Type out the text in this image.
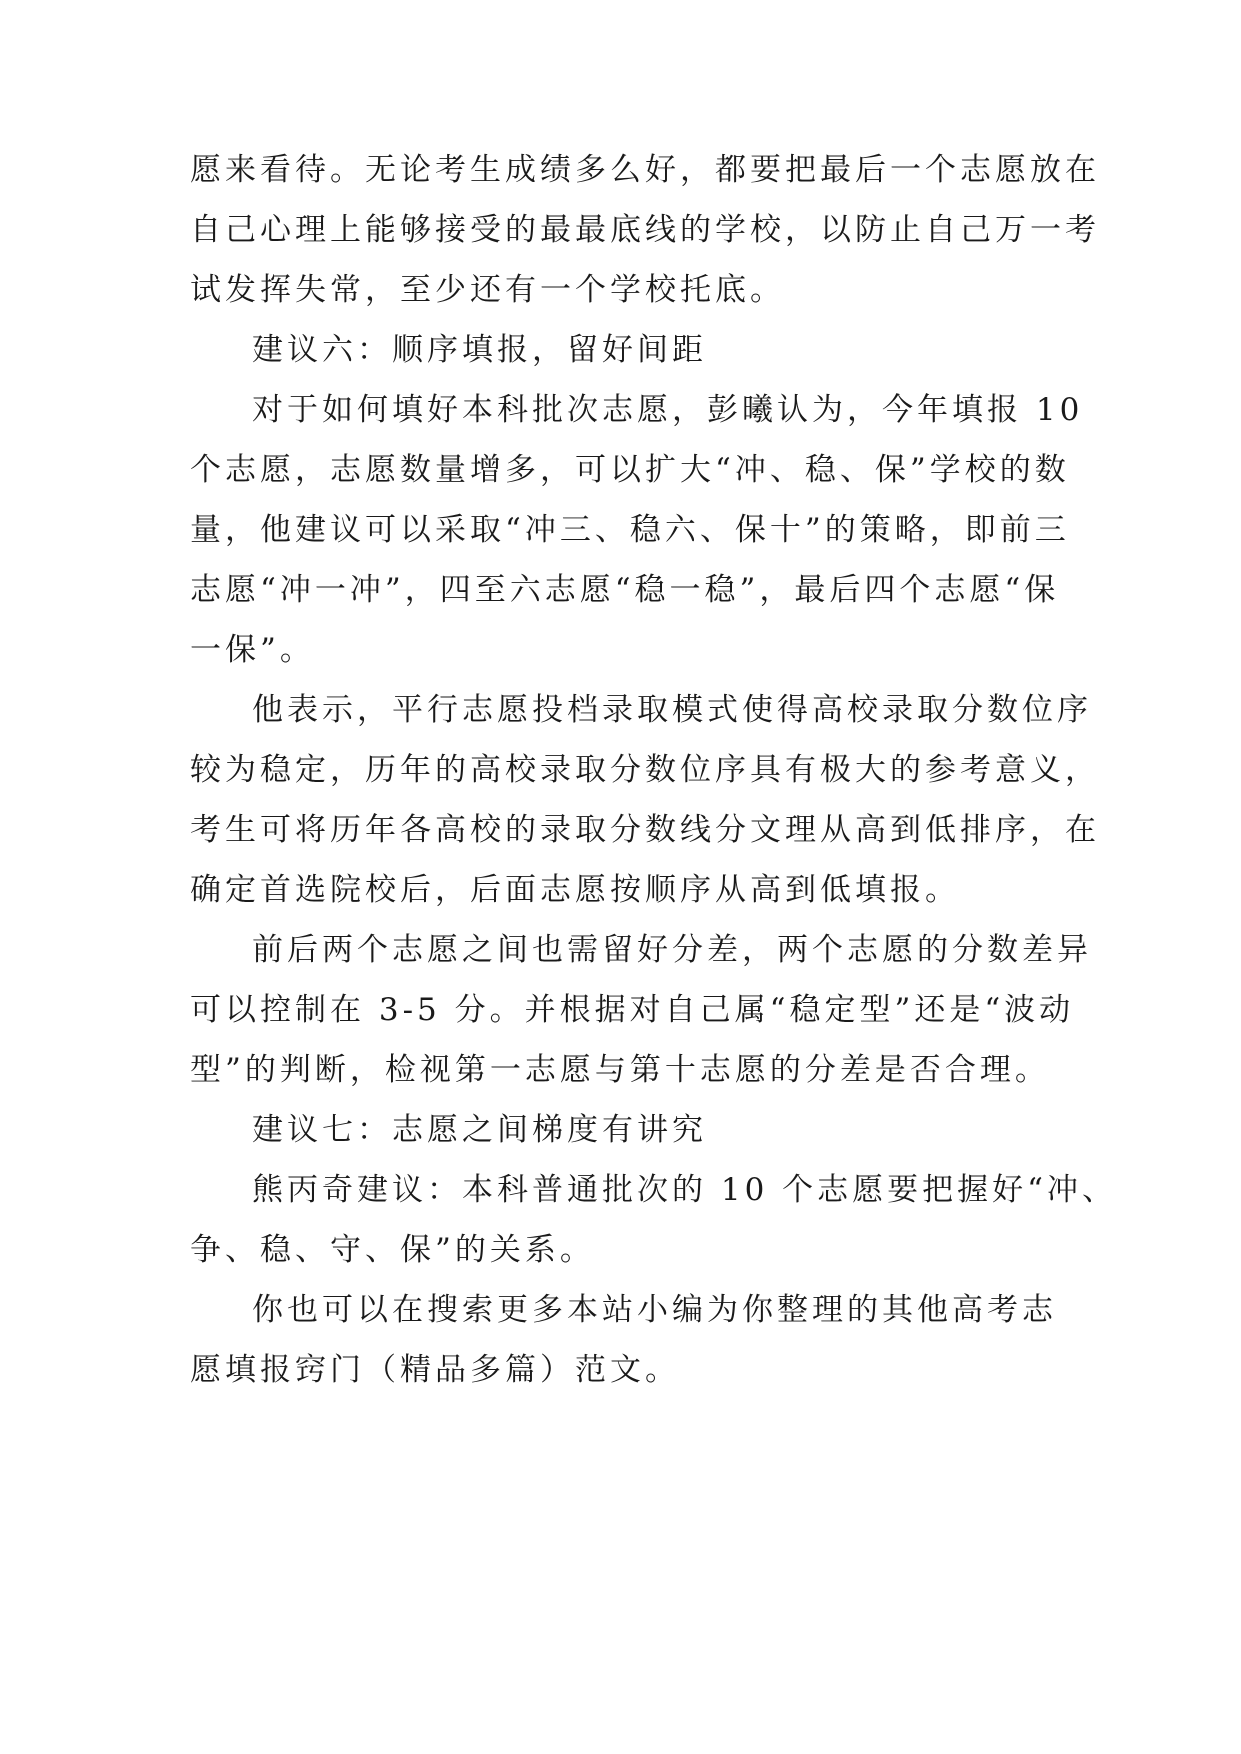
愿来看待。无论考生成绩多么好，都要把最后一个志愿放在
自己心理上能够接受的最最底线的学校，以防止自己万一考
试发挥失常，至少还有一个学校托底。
建议六：顺序填报，留好间距
对于如何填好本科批次志愿，彭曦认为，今年填报 10
个志愿，志愿数量增多，可以扩大“冲、稳、保”学校的数
量，他建议可以采取“冲三、稳六、保十”的策略，即前三
志愿“冲一冲”，四至六志愿“稳一稳”，最后四个志愿“保
一保”。
他表示，平行志愿投档录取模式使得高校录取分数位序
较为稳定，历年的高校录取分数位序具有极大的参考意义，
考生可将历年各高校的录取分数线分文理从高到低排序，在
确定首选院校后，后面志愿按顺序从高到低填报。
前后两个志愿之间也需留好分差，两个志愿的分数差异
可以控制在 3-5 分。并根据对自己属“稳定型”还是“波动
型”的判断，检视第一志愿与第十志愿的分差是否合理。
建议七：志愿之间梯度有讲究
熊丙奇建议：本科普通批次的 10 个志愿要把握好“冲、
争、稳、守、保”的关系。
你也可以在搜索更多本站小编为你整理的其他高考志
愿填报窍门（精品多篇）范文。
